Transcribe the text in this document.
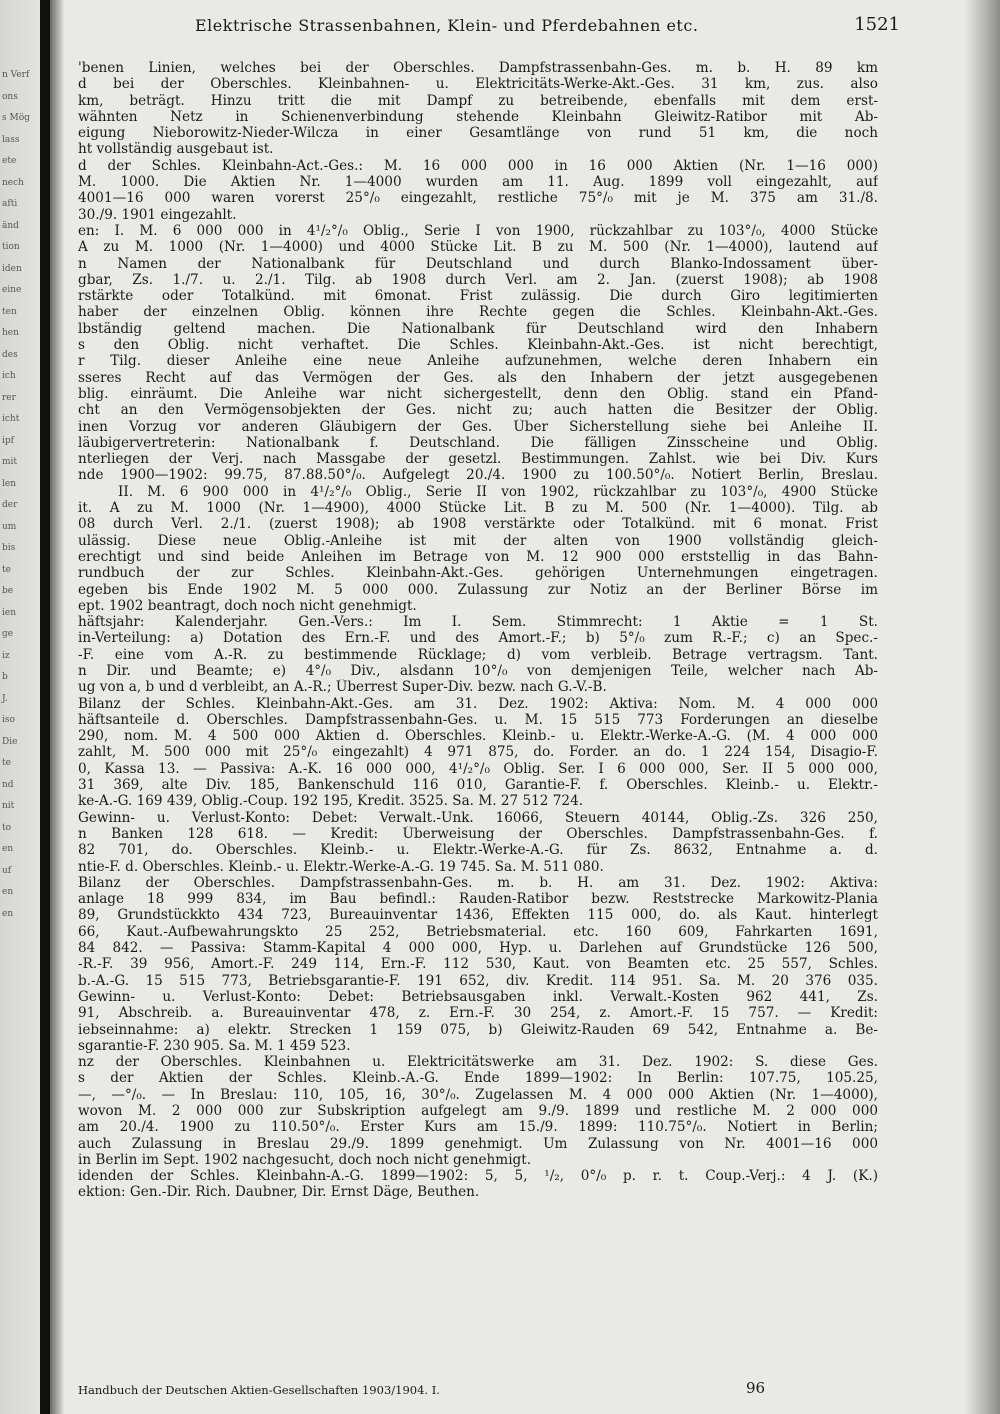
n Verf
ons
s Mög
lass
ete
nech
afti
änd
tion
iden
eine
ten
hen
des
ich
rer
icht
ipf
mit
len
der
um
bis
te
be
ien
ge
iz
b
J.
iso
Die
te
nd
nit
to
en
uf
en
en
Elektrische Strassenbahnen, Klein- und Pferdebahnen etc.	1521
'benen Linien, welches bei der Oberschles. Dampfstrassenbahn-Ges. m. b. H. 89 km
d bei der Oberschles. Kleinbahnen- u. Elektricitäts-Werke-Akt.-Ges. 31 km, zus. also
km, beträgt. Hinzu tritt die mit Dampf zu betreibende, ebenfalls mit dem erst-
wähnten Netz in Schienenverbindung stehende Kleinbahn Gleiwitz-Ratibor mit Ab-
eigung Nieborowitz-Nieder-Wilcza in einer Gesamtlänge von rund 51 km, die noch
ht vollständig ausgebaut ist.
d der Schles. Kleinbahn-Act.-Ges.: M. 16 000 000 in 16 000 Aktien (Nr. 1—16 000)
M. 1000. Die Aktien Nr. 1—4000 wurden am 11. Aug. 1899 voll eingezahlt, auf
4001—16 000 waren vorerst 25°/₀ eingezahlt, restliche 75°/₀ mit je M. 375 am 31./8.
30./9. 1901 eingezahlt.
en: I. M. 6 000 000 in 4¹/₂°/₀ Oblig., Serie I von 1900, rückzahlbar zu 103°/₀, 4000 Stücke
A zu M. 1000 (Nr. 1—4000) und 4000 Stücke Lit. B zu M. 500 (Nr. 1—4000), lautend auf
n Namen der Nationalbank für Deutschland und durch Blanko-Indossament über-
gbar, Zs. 1./7. u. 2./1. Tilg. ab 1908 durch Verl. am 2. Jan. (zuerst 1908); ab 1908
rstärkte oder Totalkünd. mit 6monat. Frist zulässig. Die durch Giro legitimierten
haber der einzelnen Oblig. können ihre Rechte gegen die Schles. Kleinbahn-Akt.-Ges.
lbständig geltend machen. Die Nationalbank für Deutschland wird den Inhabern
s den Oblig. nicht verhaftet. Die Schles. Kleinbahn-Akt.-Ges. ist nicht berechtigt,
r Tilg. dieser Anleihe eine neue Anleihe aufzunehmen, welche deren Inhabern ein
sseres Recht auf das Vermögen der Ges. als den Inhabern der jetzt ausgegebenen
blig. einräumt. Die Anleihe war nicht sichergestellt, denn den Oblig. stand ein Pfand-
cht an den Vermögensobjekten der Ges. nicht zu; auch hatten die Besitzer der Oblig.
inen Vorzug vor anderen Gläubigern der Ges. Über Sicherstellung siehe bei Anleihe II.
läubigervertreterin: Nationalbank f. Deutschland. Die fälligen Zinsscheine und Oblig.
nterliegen der Verj. nach Massgabe der gesetzl. Bestimmungen. Zahlst. wie bei Div. Kurs
nde 1900—1902: 99.75, 87.88.50°/₀. Aufgelegt 20./4. 1900 zu 100.50°/₀. Notiert Berlin, Breslau.
II. M. 6 900 000 in 4¹/₂°/₀ Oblig., Serie II von 1902, rückzahlbar zu 103°/₀, 4900 Stücke
it. A zu M. 1000 (Nr. 1—4900), 4000 Stücke Lit. B zu M. 500 (Nr. 1—4000). Tilg. ab
08 durch Verl. 2./1. (zuerst 1908); ab 1908 verstärkte oder Totalkünd. mit 6 monat. Frist
ulässig. Diese neue Oblig.-Anleihe ist mit der alten von 1900 vollständig gleich-
erechtigt und sind beide Anleihen im Betrage von M. 12 900 000 erststellig in das Bahn-
rundbuch der zur Schles. Kleinbahn-Akt.-Ges. gehörigen Unternehmungen eingetragen.
egeben bis Ende 1902 M. 5 000 000. Zulassung zur Notiz an der Berliner Börse im
ept. 1902 beantragt, doch noch nicht genehmigt.
häftsjahr: Kalenderjahr. Gen.-Vers.: Im I. Sem. Stimmrecht: 1 Aktie = 1 St.
in-Verteilung: a) Dotation des Ern.-F. und des Amort.-F.; b) 5°/₀ zum R.-F.; c) an Spec.-
-F. eine vom A.-R. zu bestimmende Rücklage; d) vom verbleib. Betrage vertragsm. Tant.
n Dir. und Beamte; e) 4°/₀ Div., alsdann 10°/₀ von demjenigen Teile, welcher nach Ab-
ug von a, b und d verbleibt, an A.-R.; Überrest Super-Div. bezw. nach G.-V.-B.
Bilanz der Schles. Kleinbahn-Akt.-Ges. am 31. Dez. 1902: Aktiva: Nom. M. 4 000 000
häftsanteile d. Oberschles. Dampfstrassenbahn-Ges. u. M. 15 515 773 Forderungen an dieselbe
290, nom. M. 4 500 000 Aktien d. Oberschles. Kleinb.- u. Elektr.-Werke-A.-G. (M. 4 000 000
zahlt, M. 500 000 mit 25°/₀ eingezahlt) 4 971 875, do. Forder. an do. 1 224 154, Disagio-F.
0, Kassa 13. — Passiva: A.-K. 16 000 000, 4¹/₂°/₀ Oblig. Ser. I 6 000 000, Ser. II 5 000 000,
31 369, alte Div. 185, Bankenschuld 116 010, Garantie-F. f. Oberschles. Kleinb.- u. Elektr.-
ke-A.-G. 169 439, Oblig.-Coup. 192 195, Kredit. 3525. Sa. M. 27 512 724.
Gewinn- u. Verlust-Konto: Debet: Verwalt.-Unk. 16066, Steuern 40144, Oblig.-Zs. 326 250,
n Banken 128 618. — Kredit: Überweisung der Oberschles. Dampfstrassenbahn-Ges. f.
82 701, do. Oberschles. Kleinb.- u. Elektr.-Werke-A.-G. für Zs. 8632, Entnahme a. d.
ntie-F. d. Oberschles. Kleinb.- u. Elektr.-Werke-A.-G. 19 745. Sa. M. 511 080.
Bilanz der Oberschles. Dampfstrassenbahn-Ges. m. b. H. am 31. Dez. 1902: Aktiva:
anlage 18 999 834, im Bau befindl.: Rauden-Ratibor bezw. Reststrecke Markowitz-Plania
89, Grundstückkto 434 723, Bureauinventar 1436, Effekten 115 000, do. als Kaut. hinterlegt
66, Kaut.-Aufbewahrungskto 25 252, Betriebsmaterial. etc. 160 609, Fahrkarten 1691,
84 842. — Passiva: Stamm-Kapital 4 000 000, Hyp. u. Darlehen auf Grundstücke 126 500,
-R.-F. 39 956, Amort.-F. 249 114, Ern.-F. 112 530, Kaut. von Beamten etc. 25 557, Schles.
b.-A.-G. 15 515 773, Betriebsgarantie-F. 191 652, div. Kredit. 114 951. Sa. M. 20 376 035.
Gewinn- u. Verlust-Konto: Debet: Betriebsausgaben inkl. Verwalt.-Kosten 962 441, Zs.
91, Abschreib. a. Bureauinventar 478, z. Ern.-F. 30 254, z. Amort.-F. 15 757. — Kredit:
iebseinnahme: a) elektr. Strecken 1 159 075, b) Gleiwitz-Rauden 69 542, Entnahme a. Be-
sgarantie-F. 230 905. Sa. M. 1 459 523.
nz der Oberschles. Kleinbahnen u. Elektricitätswerke am 31. Dez. 1902: S. diese Ges.
s der Aktien der Schles. Kleinb.-A.-G. Ende 1899—1902: In Berlin: 107.75, 105.25,
—, —°/₀. — In Breslau: 110, 105, 16, 30°/₀. Zugelassen M. 4 000 000 Aktien (Nr. 1—4000),
wovon M. 2 000 000 zur Subskription aufgelegt am 9./9. 1899 und restliche M. 2 000 000
am 20./4. 1900 zu 110.50°/₀. Erster Kurs am 15./9. 1899: 110.75°/₀. Notiert in Berlin;
auch Zulassung in Breslau 29./9. 1899 genehmigt. Um Zulassung von Nr. 4001—16 000
in Berlin im Sept. 1902 nachgesucht, doch noch nicht genehmigt.
idenden der Schles. Kleinbahn-A.-G. 1899—1902: 5, 5, ¹/₂, 0°/₀ p. r. t. Coup.-Verj.: 4 J. (K.)
ektion: Gen.-Dir. Rich. Daubner, Dir. Ernst Däge, Beuthen.
Handbuch der Deutschen Aktien-Gesellschaften 1903/1904. I.	96
